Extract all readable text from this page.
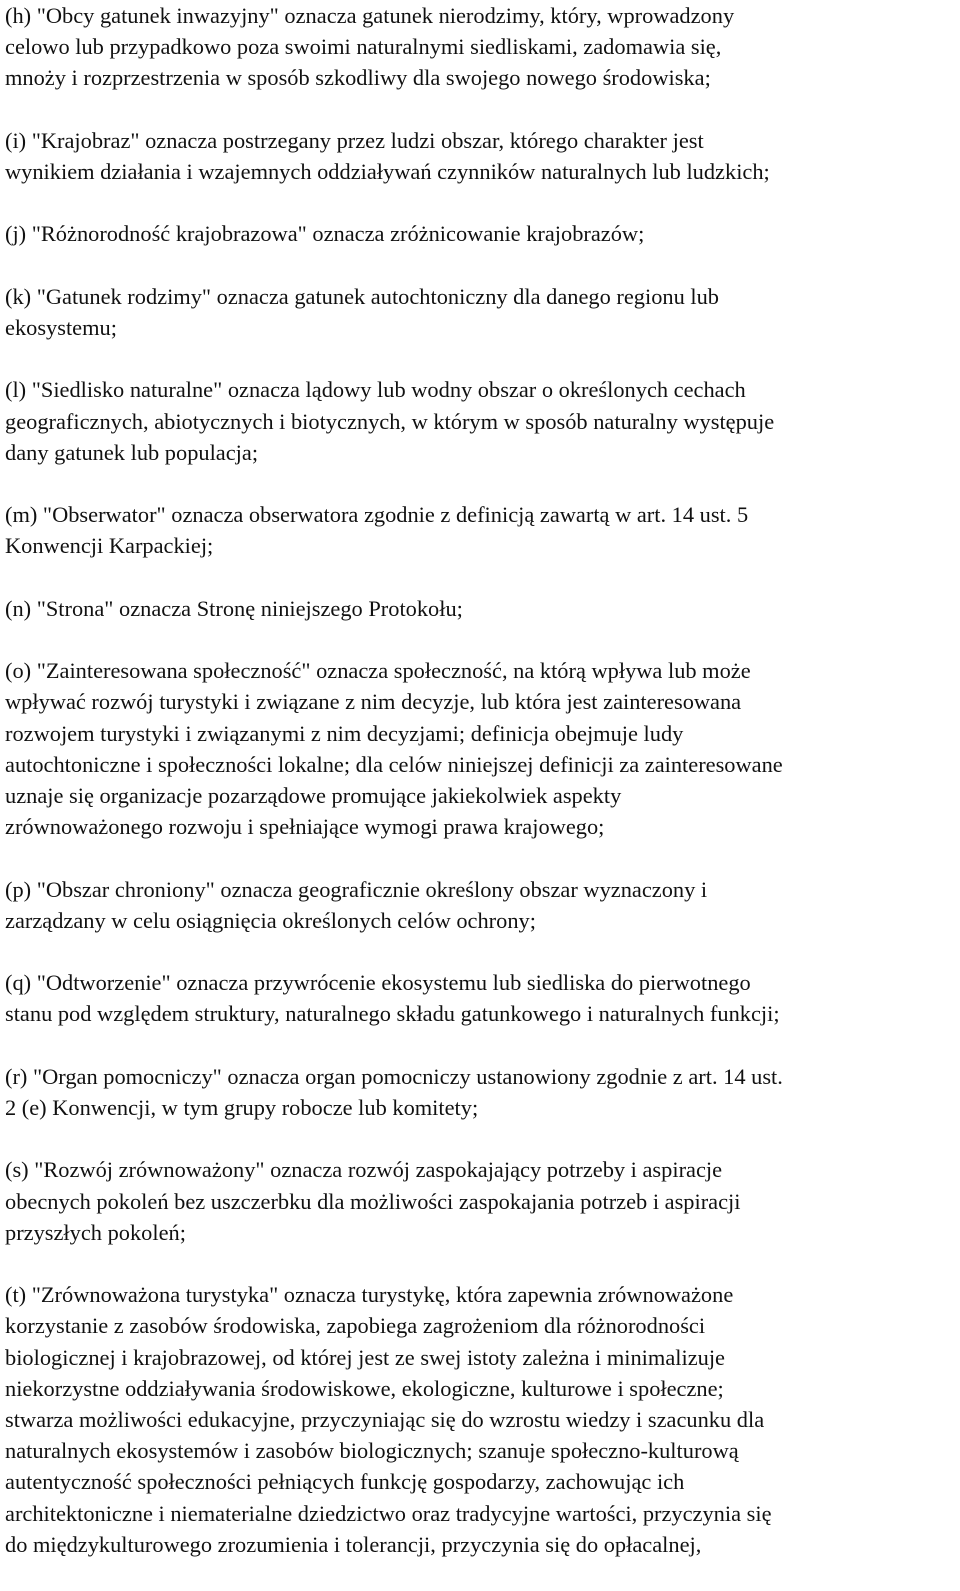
(h) "Obcy gatunek inwazyjny" oznacza gatunek nierodzimy, który, wprowadzony
celowo lub przypadkowo poza swoimi naturalnymi siedliskami, zadomawia się,
mnoży i rozprzestrzenia w sposób szkodliwy dla swojego nowego środowiska;
(i) "Krajobraz" oznacza postrzegany przez ludzi obszar, którego charakter jest
wynikiem działania i wzajemnych oddziaływań czynników naturalnych lub ludzkich;
(j) "Różnorodność krajobrazowa" oznacza zróżnicowanie krajobrazów;
(k) "Gatunek rodzimy" oznacza gatunek autochtoniczny dla danego regionu lub
ekosystemu;
(l) "Siedlisko naturalne" oznacza lądowy lub wodny obszar o określonych cechach
geograficznych, abiotycznych i biotycznych, w którym w sposób naturalny występuje
dany gatunek lub populacja;
(m) "Obserwator" oznacza obserwatora zgodnie z definicją zawartą w art. 14 ust. 5
Konwencji Karpackiej;
(n) "Strona" oznacza Stronę niniejszego Protokołu;
(o) "Zainteresowana społeczność" oznacza społeczność, na którą wpływa lub może
wpływać rozwój turystyki i związane z nim decyzje, lub która jest zainteresowana
rozwojem turystyki i związanymi z nim decyzjami; definicja obejmuje ludy
autochtoniczne i społeczności lokalne; dla celów niniejszej definicji za zainteresowane
uznaje się organizacje pozarządowe promujące jakiekolwiek aspekty
zrównoważonego rozwoju i spełniające wymogi prawa krajowego;
(p) "Obszar chroniony" oznacza geograficznie określony obszar wyznaczony i
zarządzany w celu osiągnięcia określonych celów ochrony;
(q) "Odtworzenie" oznacza przywrócenie ekosystemu lub siedliska do pierwotnego
stanu pod względem struktury, naturalnego składu gatunkowego i naturalnych funkcji;
(r) "Organ pomocniczy" oznacza organ pomocniczy ustanowiony zgodnie z art. 14 ust.
2 (e) Konwencji, w tym grupy robocze lub komitety;
(s) "Rozwój zrównoważony" oznacza rozwój zaspokajający potrzeby i aspiracje
obecnych pokoleń bez uszczerbku dla możliwości zaspokajania potrzeb i aspiracji
przyszłych pokoleń;
(t) "Zrównoważona turystyka" oznacza turystykę, która zapewnia zrównoważone
korzystanie z zasobów środowiska, zapobiega zagrożeniom dla różnorodności
biologicznej i krajobrazowej, od której jest ze swej istoty zależna i minimalizuje
niekorzystne oddziaływania środowiskowe, ekologiczne, kulturowe i społeczne;
stwarza możliwości edukacyjne, przyczyniając się do wzrostu wiedzy i szacunku dla
naturalnych ekosystemów i zasobów biologicznych; szanuje społeczno-kulturową
autentyczność społeczności pełniących funkcję gospodarzy, zachowując ich
architektoniczne i niematerialne dziedzictwo oraz tradycyjne wartości, przyczynia się
do międzykulturowego zrozumienia i tolerancji, przyczynia się do opłacalnej,
